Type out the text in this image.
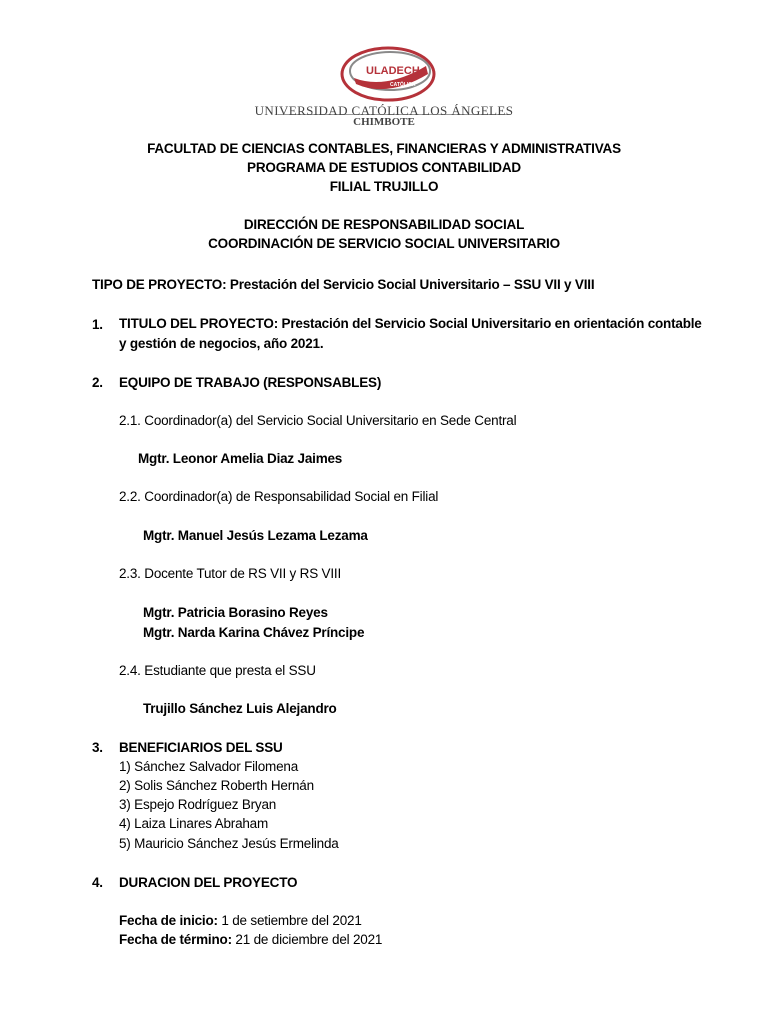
ULADECH
CATÓLICA
UNIVERSIDAD CATÓLICA LOS ÁNGELES
CHIMBOTE
FACULTAD DE CIENCIAS CONTABLES, FINANCIERAS Y ADMINISTRATIVAS
PROGRAMA DE ESTUDIOS CONTABILIDAD
FILIAL TRUJILLO
DIRECCIÓN DE RESPONSABILIDAD SOCIAL
COORDINACIÓN DE SERVICIO SOCIAL UNIVERSITARIO
TIPO DE PROYECTO: Prestación del Servicio Social Universitario – SSU VII y VIII
1. TITULO DEL PROYECTO: Prestación del Servicio Social Universitario en orientación contable
y gestión de negocios, año 2021.
2. EQUIPO DE TRABAJO (RESPONSABLES)
2.1. Coordinador(a) del Servicio Social Universitario en Sede Central
Mgtr. Leonor Amelia Diaz Jaimes
2.2. Coordinador(a) de Responsabilidad Social en Filial
Mgtr. Manuel Jesús Lezama Lezama
2.3. Docente Tutor de RS VII y RS VIII
Mgtr. Patricia Borasino Reyes
Mgtr. Narda Karina Chávez Príncipe
2.4. Estudiante que presta el SSU
Trujillo Sánchez Luis Alejandro
3. BENEFICIARIOS DEL SSU
1) Sánchez Salvador Filomena
2) Solis Sánchez Roberth Hernán
3) Espejo Rodríguez Bryan
4) Laiza Linares Abraham
5) Mauricio Sánchez Jesús Ermelinda
4. DURACION DEL PROYECTO
Fecha de inicio: 1 de setiembre del 2021
Fecha de término: 21 de diciembre del 2021
